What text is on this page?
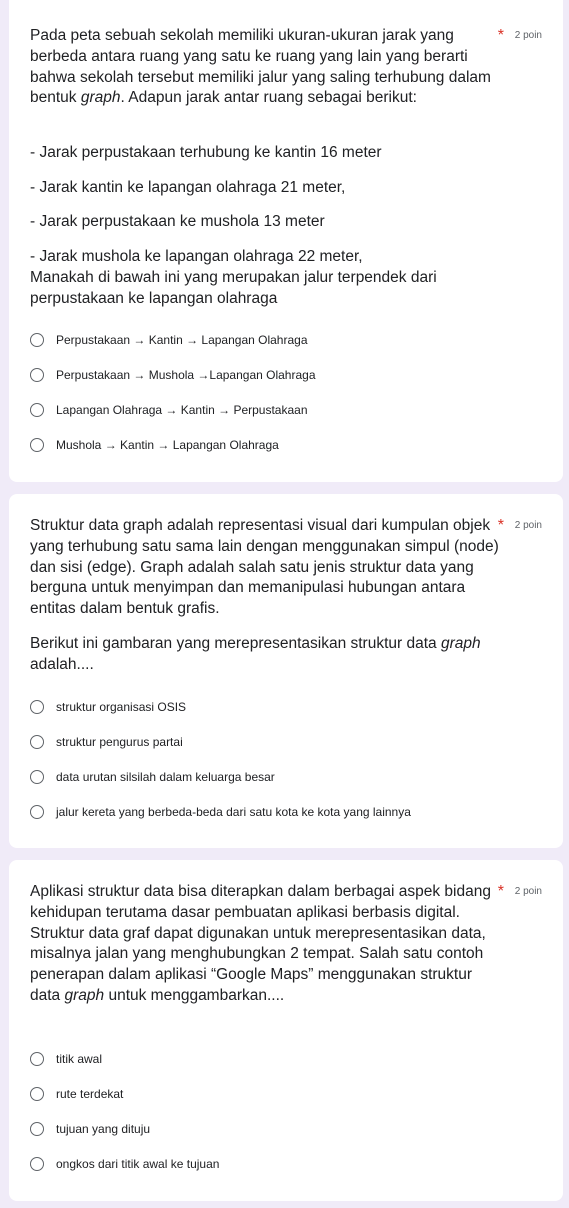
* 2 poin

Pada peta sebuah sekolah memiliki ukuran-ukuran jarak yang berbeda antara ruang yang satu ke ruang yang lain yang berarti bahwa sekolah tersebut memiliki jalur yang saling terhubung dalam bentuk graph. Adapun jarak antar ruang sebagai berikut:

- Jarak perpustakaan terhubung ke kantin 16 meter

- Jarak kantin ke lapangan olahraga 21 meter,

- Jarak perpustakaan ke mushola 13 meter

- Jarak mushola ke lapangan olahraga 22 meter,
Manakah di bawah ini yang merupakan jalur terpendek dari perpustakaan ke lapangan olahraga

Perpustakaan → Kantin → Lapangan Olahraga
Perpustakaan → Mushola →Lapangan Olahraga
Lapangan Olahraga → Kantin → Perpustakaan
Mushola → Kantin → Lapangan Olahraga
* 2 poin

Struktur data graph adalah representasi visual dari kumpulan objek yang terhubung satu sama lain dengan menggunakan simpul (node) dan sisi (edge). Graph adalah salah satu jenis struktur data yang berguna untuk menyimpan dan memanipulasi hubungan antara entitas dalam bentuk grafis.

Berikut ini gambaran yang merepresentasikan struktur data graph adalah....

struktur organisasi OSIS
struktur pengurus partai
data urutan silsilah dalam keluarga besar
jalur kereta yang berbeda-beda dari satu kota ke kota yang lainnya
* 2 poin

Aplikasi struktur data bisa diterapkan dalam berbagai aspek bidang kehidupan terutama dasar pembuatan aplikasi berbasis digital. Struktur data graf dapat digunakan untuk merepresentasikan data, misalnya jalan yang menghubungkan 2 tempat. Salah satu contoh penerapan dalam aplikasi “Google Maps” menggunakan struktur data graph untuk menggambarkan....

titik awal
rute terdekat
tujuan yang dituju
ongkos dari titik awal ke tujuan
